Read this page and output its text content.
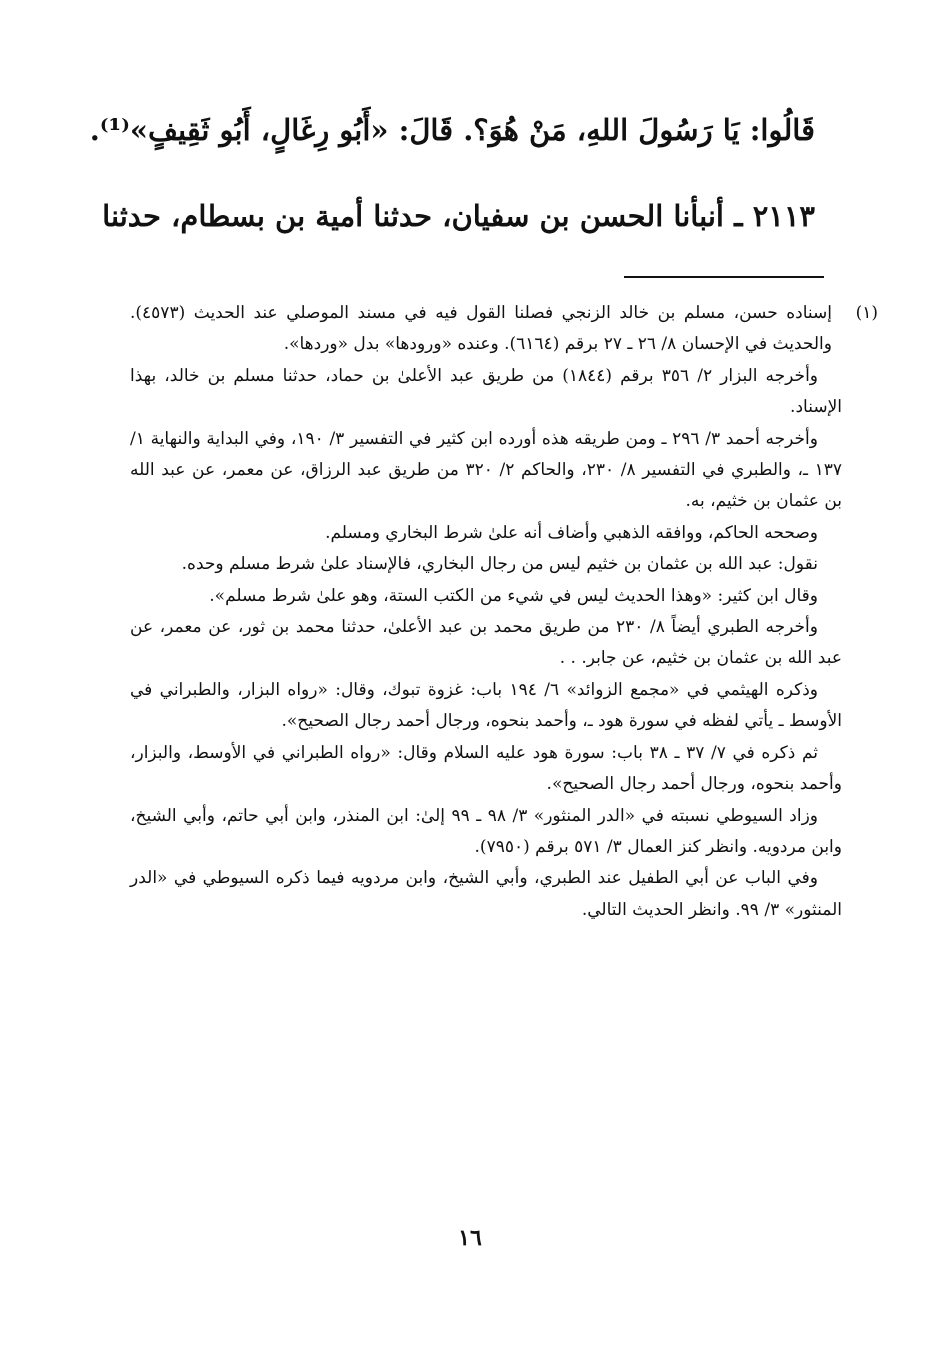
قَالُوا: يَا رَسُولَ اللهِ، مَنْ هُوَ؟. قَالَ: «أَبُو رِغَالٍ، أَبُو ثَقِيفٍ»⁽¹⁾.
٢١١٣ ـ أنبأنا الحسن بن سفيان، حدثنا أمية بن بسطام، حدثنا
(١)

إسناده حسن، مسلم بن خالد الزنجي فصلنا القول فيه في مسند الموصلي عند الحديث (٤٥٧٣). والحديث في الإحسان ٨/ ٢٦ ـ ٢٧ برقم (٦١٦٤). وعنده «ورودها» بدل «وردها».

وأخرجه البزار ٢/ ٣٥٦ برقم (١٨٤٤) من طريق عبد الأعلىٰ بن حماد، حدثنا مسلم بن خالد، بهذا الإسناد.

وأخرجه أحمد ٣/ ٢٩٦ ـ ومن طريقه هذه أورده ابن كثير في التفسير ٣/ ١٩٠، وفي البداية والنهاية ١/ ١٣٧ ـ، والطبري في التفسير ٨/ ٢٣٠، والحاكم ٢/ ٣٢٠ من طريق عبد الرزاق، عن معمر، عن عبد الله بن عثمان بن خثيم، به.

وصححه الحاكم، ووافقه الذهبي وأضاف أنه علىٰ شرط البخاري ومسلم.

نقول: عبد الله بن عثمان بن خثيم ليس من رجال البخاري، فالإسناد علىٰ شرط مسلم وحده.

وقال ابن كثير: «وهذا الحديث ليس في شيء من الكتب الستة، وهو علىٰ شرط مسلم».

وأخرجه الطبري أيضاً ٨/ ٢٣٠ من طريق محمد بن عبد الأعلىٰ، حدثنا محمد بن ثور، عن معمر، عن عبد الله بن عثمان بن خثيم، عن جابر. . .

وذكره الهيثمي في «مجمع الزوائد» ٦/ ١٩٤ باب: غزوة تبوك، وقال: «رواه البزار، والطبراني في الأوسط ـ يأتي لفظه في سورة هود ـ، وأحمد بنحوه، ورجال أحمد رجال الصحيح».

ثم ذكره في ٧/ ٣٧ ـ ٣٨ باب: سورة هود عليه السلام وقال: «رواه الطبراني في الأوسط، والبزار، وأحمد بنحوه، ورجال أحمد رجال الصحيح».

وزاد السيوطي نسبته في «الدر المنثور» ٣/ ٩٨ ـ ٩٩ إلىٰ: ابن المنذر، وابن أبي حاتم، وأبي الشيخ، وابن مردويه. وانظر كنز العمال ٣/ ٥٧١ برقم (٧٩٥٠).

وفي الباب عن أبي الطفيل عند الطبري، وأبي الشيخ، وابن مردويه فيما ذكره السيوطي في «الدر المنثور» ٣/ ٩٩. وانظر الحديث التالي.

١٦
